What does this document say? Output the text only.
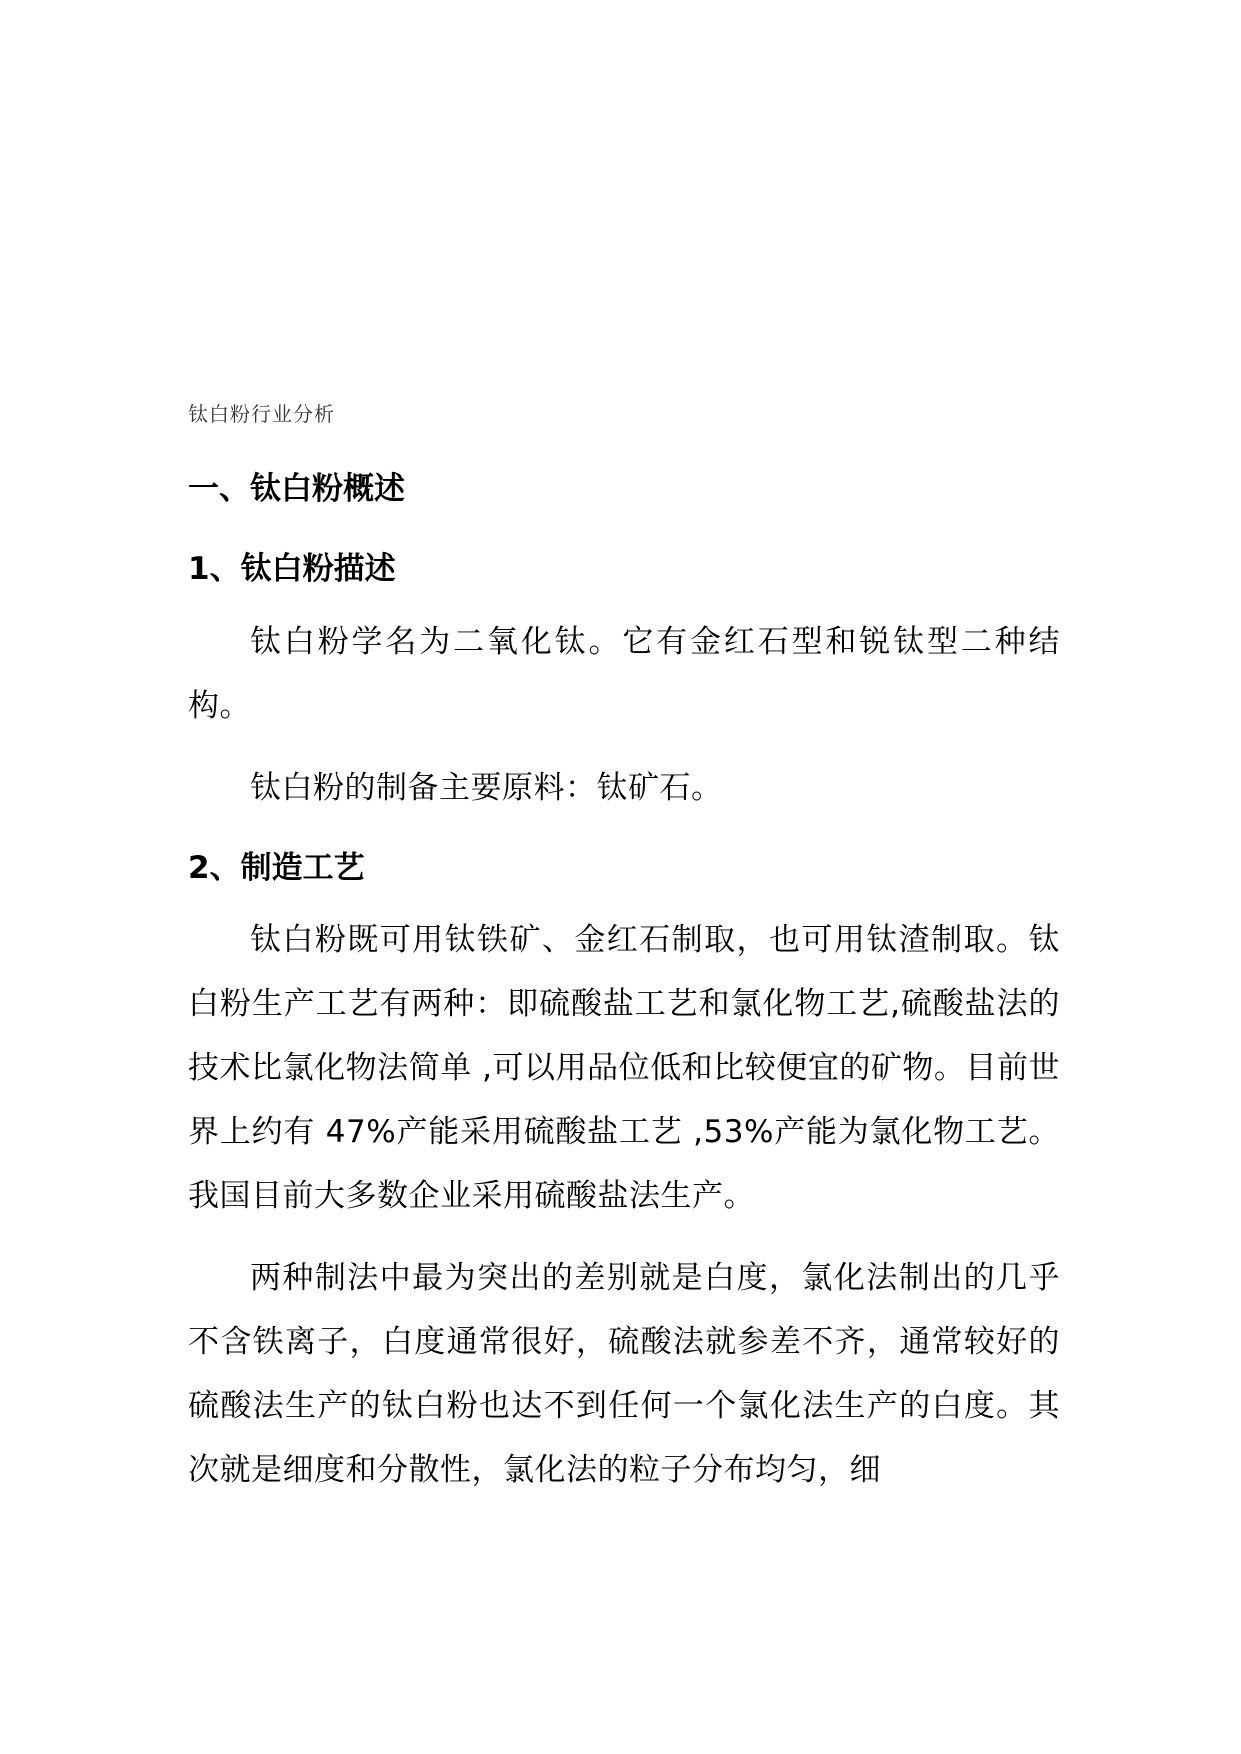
钛白粉行业分析
一、钛白粉概述
1、钛白粉描述

钛白粉学名为二氧化钛。它有金红石型和锐钛型二种结构。

钛白粉的制备主要原料：钛矿石。

2、制造工艺

钛白粉既可用钛铁矿、金红石制取，也可用钛渣制取。钛白粉生产工艺有两种：即硫酸盐工艺和氯化物工艺,硫酸盐法的技术比氯化物法简单 ,可以用品位低和比较便宜的矿物。目前世界上约有 47%产能采用硫酸盐工艺 ,53%产能为氯化物工艺。我国目前大多数企业采用硫酸盐法生产。

两种制法中最为突出的差别就是白度，氯化法制出的几乎不含铁离子，白度通常很好，硫酸法就参差不齐，通常较好的硫酸法生产的钛白粉也达不到任何一个氯化法生产的白度。其次就是细度和分散性，氯化法的粒子分布均匀，细
